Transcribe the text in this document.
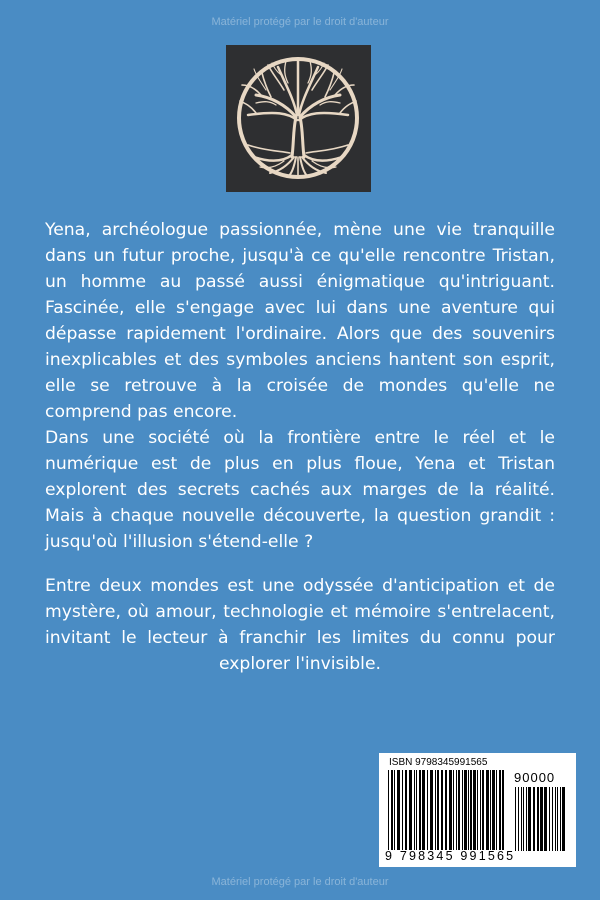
Matériel protégé par le droit d'auteur

Yena, archéologue passionnée, mène une vie tranquille dans un futur proche, jusqu'à ce qu'elle rencontre Tristan, un homme au passé aussi énigmatique qu'intriguant. Fascinée, elle s'engage avec lui dans une aventure qui dépasse rapidement l'ordinaire. Alors que des souvenirs inexplicables et des symboles anciens hantent son esprit, elle se retrouve à la croisée de mondes qu'elle ne comprend pas encore.

Dans une société où la frontière entre le réel et le numérique est de plus en plus floue, Yena et Tristan explorent des secrets cachés aux marges de la réalité. Mais à chaque nouvelle découverte, la question grandit : jusqu'où l'illusion s'étend-elle ?

Entre deux mondes est une odyssée d'anticipation et de mystère, où amour, technologie et mémoire s'entrelacent, invitant le lecteur à franchir les limites du connu pour explorer l'invisible.

ISBN 9798345991565
90000
9 798345 991565
Matériel protégé par le droit d'auteur
